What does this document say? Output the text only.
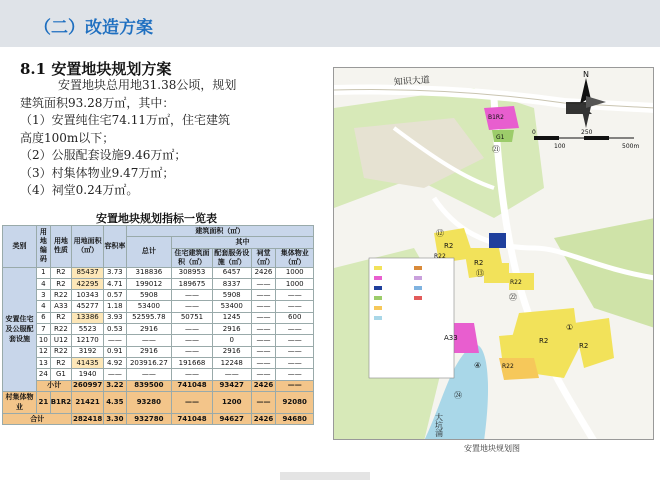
（二）改造方案
8.1 安置地块规划方案

安置地块总用地31.38公顷，规划

建筑面积93.28万㎡，其中：

（1）安置纯住宅74.11万㎡，住宅建筑

高度100m以下；

（2）公服配套设施9.46万㎡；

（3）村集体物业9.47万㎡；

（4）祠堂0.24万㎡。

安置地块规划指标一览表
类别	用地编码	用地性质	用地面积（㎡）	容积率	建筑面积（㎡）				
					总计	其中			
						住宅建筑面积（㎡）	配套服务设施（㎡）	祠堂（㎡）	集体物业（㎡）
安置住宅及公服配套设施	1	R2	85437	3.73	318836	308953	6457	2426	1000
	4	R2	42295	4.71	199012	189675	8337	——	1000
	3	R22	10343	0.57	5908	——	5908	——	——
	4	A33	45277	1.18	53400	——	53400	——	——
	6	R2	13386	3.93	52595.78	50751	1245	——	600
	7	R22	5523	0.53	2916	——	2916	——	——
	10	U12	12170	——	——	——	0	——	——
	12	R22	3192	0.91	2916	——	2916	——	——
	13	R2	41435	4.92	203916.27	191668	12248	——	——
	24	G1	1940	——	——	——	——	——	——
	小计		260997	3.22	839500	741048	93427	2426	——
村集体物业	21	B1R2	21421	4.35	93280	——	1200	——	92080
合计			282418	3.30	932780	741048	94627	2426	94680
N
0
100
250
500m
知识大道
B1R2
G1
R2
R2
R2
R2
A33
R22
R22
R22
①
④
⑫
⑬
㉑
㉒
㉔
大坑涌
安置地块规划图
